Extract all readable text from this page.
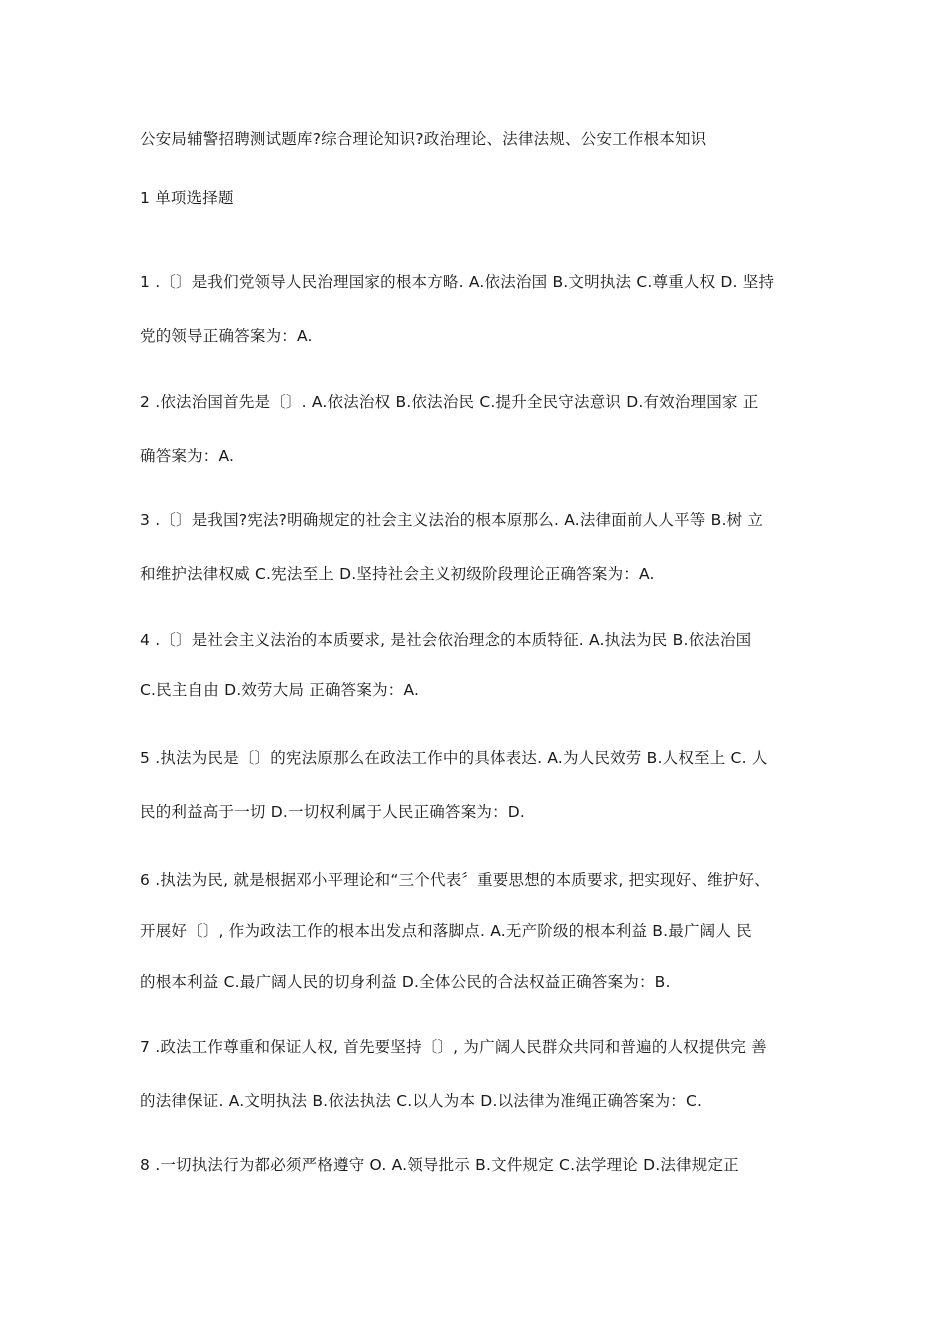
公安局辅警招聘测试题库?综合理论知识?政治理论、法律法规、公安工作根本知识
1 单项选择题
1 .〔〕是我们党领导人民治理国家的根本方略. A.依法治国 B.文明执法 C.尊重人权 D. 坚持
党的领导正确答案为：A.
2 .依法治国首先是〔〕. A.依法治权 B.依法治民 C.提升全民守法意识 D.有效治理国家 正
确答案为：A.
3 .〔〕是我国?宪法?明确规定的社会主义法治的根本原那么. A.法律面前人人平等 B.树 立
和维护法律权威 C.宪法至上 D.坚持社会主义初级阶段理论正确答案为：A.
4 .〔〕是社会主义法治的本质要求, 是社会依治理念的本质特征. A.执法为民 B.依法治国
C.民主自由 D.效劳大局 正确答案为：A.
5 .执法为民是〔〕的宪法原那么在政法工作中的具体表达. A.为人民效劳 B.人权至上 C. 人
民的利益高于一切 D.一切权利属于人民正确答案为：D.
6 .执法为民, 就是根据邓小平理论和“三个代表〞重要思想的本质要求, 把实现好、维护好、
开展好〔〕, 作为政法工作的根本出发点和落脚点. A.无产阶级的根本利益 B.最广阔人 民
的根本利益 C.最广阔人民的切身利益 D.全体公民的合法权益正确答案为：B.
7 .政法工作尊重和保证人权, 首先要坚持〔〕, 为广阔人民群众共同和普遍的人权提供完 善
的法律保证. A.文明执法 B.依法执法 C.以人为本 D.以法律为准绳正确答案为：C.
8 .一切执法行为都必须严格遵守 O. A.领导批示 B.文件规定 C.法学理论 D.法律规定正
